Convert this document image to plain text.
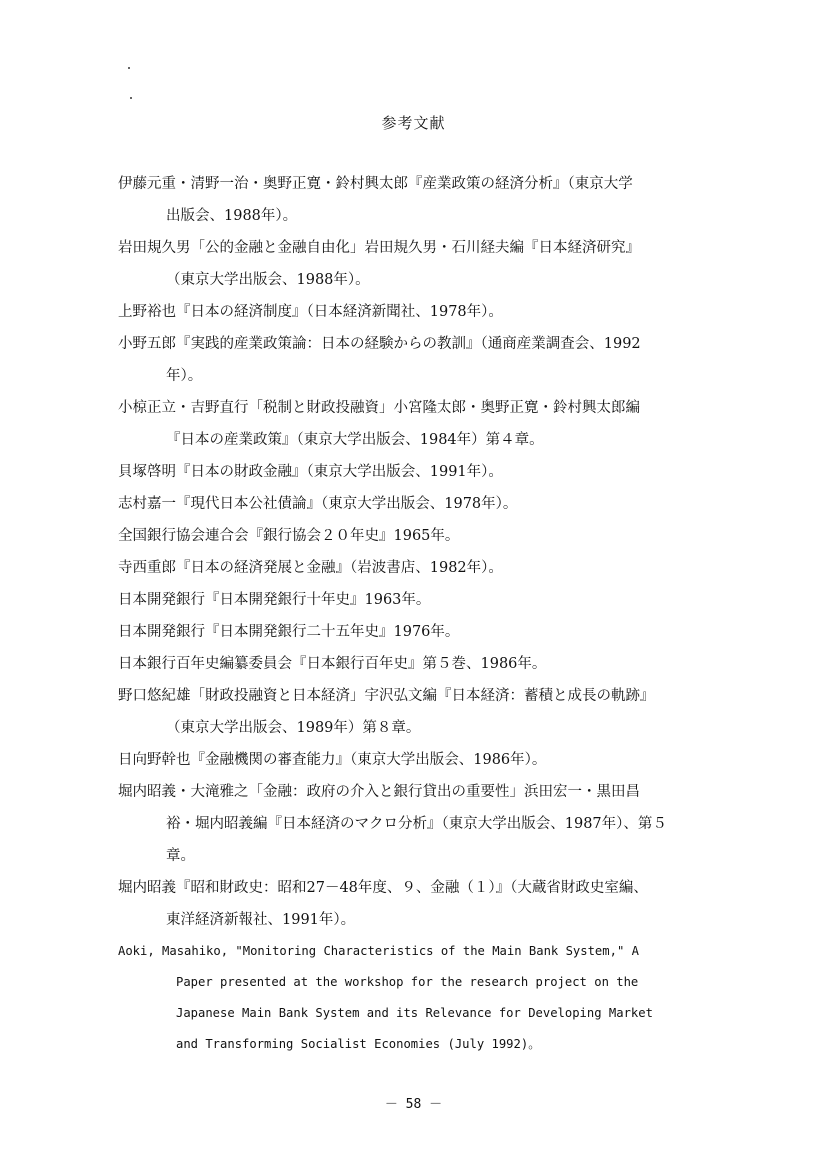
参考文献
伊藤元重・清野一治・奥野正寛・鈴村興太郎『産業政策の経済分析』（東京大学
出版会、1988年）。
岩田規久男「公的金融と金融自由化」岩田規久男・石川経夫編『日本経済研究』
（東京大学出版会、1988年）。
上野裕也『日本の経済制度』（日本経済新聞社、1978年）。
小野五郎『実践的産業政策論：日本の経験からの教訓』（通商産業調査会、1992
年）。
小椋正立・吉野直行「税制と財政投融資」小宮隆太郎・奥野正寛・鈴村興太郎編
『日本の産業政策』（東京大学出版会、1984年）第４章。
貝塚啓明『日本の財政金融』（東京大学出版会、1991年）。
志村嘉一『現代日本公社債論』（東京大学出版会、1978年）。
全国銀行協会連合会『銀行協会２０年史』1965年。
寺西重郎『日本の経済発展と金融』（岩波書店、1982年）。
日本開発銀行『日本開発銀行十年史』1963年。
日本開発銀行『日本開発銀行二十五年史』1976年。
日本銀行百年史編纂委員会『日本銀行百年史』第５巻、1986年。
野口悠紀雄「財政投融資と日本経済」宇沢弘文編『日本経済：蓄積と成長の軌跡』
（東京大学出版会、1989年）第８章。
日向野幹也『金融機関の審査能力』（東京大学出版会、1986年）。
堀内昭義・大滝雅之「金融：政府の介入と銀行貸出の重要性」浜田宏一・黒田昌
裕・堀内昭義編『日本経済のマクロ分析』（東京大学出版会、1987年）、第５
章。
堀内昭義『昭和財政史：昭和27－48年度、９、金融（１）』（大蔵省財政史室編、
東洋経済新報社、1991年）。
Aoki, Masahiko, "Monitoring Characteristics of the Main Bank System," A
Paper presented at the workshop for the research project on the
Japanese Main Bank System and its Relevance for Developing Market
and Transforming Socialist Economies (July 1992)。
－ 58 －
